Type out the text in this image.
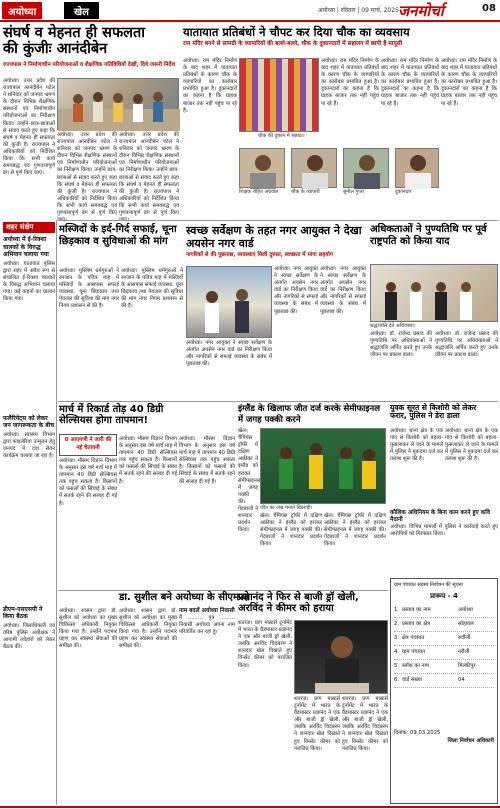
अयोध्या	खेल	अयोध्या | रविवार | 09 मार्च, 2025 जनमोर्चा	08
संघर्ष व मेहनत ही सफलता
की कुंजीः आनंदीबेन
राज्यपाल ने निर्माणाधीन परियोजनाओं व शैक्षणिक गतिविधियों देखीं, दिये जरूरी निर्देश
अयोध्या। उत्तर प्रदेश की राज्यपाल आनंदीबेन पटेल ने शनिवार को जनपद भ्रमण के दौरान विभिन्न शैक्षणिक संस्थानों एवं निर्माणाधीन परियोजनाओं का निरीक्षण किया। उन्होंने छात्र-छात्राओं से संवाद करते हुए कहा कि संघर्ष व मेहनत ही सफलता की कुंजी है। राज्यपाल ने अधिकारियों को निर्देशित किया कि सभी कार्य समयबद्ध एवं गुणवत्तापूर्ण ढंग से पूर्ण किए जाएं।
अयोध्या। उत्तर प्रदेश की राज्यपाल आनंदीबेन पटेल ने शनिवार को जनपद भ्रमण के दौरान विभिन्न शैक्षणिक संस्थानों एवं निर्माणाधीन परियोजनाओं का निरीक्षण किया। उन्होंने छात्र-छात्राओं से संवाद करते हुए कहा कि संघर्ष व मेहनत ही सफलता की कुंजी है। राज्यपाल ने अधिकारियों को निर्देशित किया कि सभी कार्य समयबद्ध एवं गुणवत्तापूर्ण ढंग से पूर्ण किए
अयोध्या। उत्तर प्रदेश की राज्यपाल आनंदीबेन पटेल ने शनिवार को जनपद भ्रमण के दौरान विभिन्न शैक्षणिक संस्थानों एवं निर्माणाधीन परियोजनाओं का निरीक्षण किया। उन्होंने छात्र-छात्राओं से संवाद करते हुए कहा कि संघर्ष व मेहनत ही सफलता की कुंजी है। राज्यपाल ने अधिकारियों को निर्देशित किया कि सभी कार्य समयबद्ध एवं गुणवत्तापूर्ण ढंग से पूर्ण किए
शहर संक्षेप
अयोध्या में ई-रिक्शा चालकों के विरुद्ध अभियान चलाया गया
अयोध्या। यातायात पुलिस द्वारा शहर में अवैध रूप से संचालित ई-रिक्शा चालकों के विरुद्ध अभियान चलाया गया। कई वाहनों का चालान किया गया।
फलैरियेट्स को लेकर जन जागरूकता के बीच
अयोध्या। स्वास्थ्य विभाग द्वारा फाइलेरिया उन्मूलन हेतु जनपद में दवा सेवन कार्यक्रम चलाया जा रहा है।
डीएम-एसएसपी ने किया बैठक
अयोध्या। जिलाधिकारी एवं वरिष्ठ पुलिस अधीक्षक ने आगामी त्योहारों को लेकर बैठक की।
यातायात प्रतिबंधों ने चौपट कर दिया चौक का व्यवसाय
राम मंदिर बनने से सामग्री के व्यापारियों की बल्ले-बल्ले, चौक के दुकानदारों में सहालग में छायी है मायूसी
अयोध्या। राम मंदिर निर्माण के बाद शहर में यातायात प्रतिबंधों के कारण चौक के व्यापारियों का कारोबार प्रभावित हुआ है। दुकानदारों का कहना है कि ग्राहक बाजार तक नहीं पहुंच पा रहे हैं।
चौक की दुकान में सन्नाटा।
अयोध्या। राम मंदिर निर्माण के बाद शहर में यातायात प्रतिबंधों के कारण चौक के व्यापारियों का कारोबार प्रभावित हुआ है। दुकानदारों का कहना है कि ग्राहक बाजार तक नहीं पहुंच पा रहे हैं।
अयोध्या। राम मंदिर निर्माण के बाद शहर में यातायात प्रतिबंधों के कारण चौक के व्यापारियों का कारोबार प्रभावित हुआ है। दुकानदारों का कहना है कि ग्राहक बाजार तक नहीं पहुंच पा रहे हैं।
शिक्षक रोहित अग्रवाल	चौक के व्यापारी	सुनील गुप्ता	दुकानदार
अयोध्या। राम मंदिर निर्माण के बाद शहर में यातायात प्रतिबंधों के कारण चौक के व्यापारियों का कारोबार प्रभावित हुआ है। दुकानदारों का कहना है कि ग्राहक बाजार तक नहीं पहुंच पा रहे हैं।
मस्जिदों के इर्द-गिर्द सफाई, चूना छिड़काव व सुविधाओं की मांग
अयोध्या। मुस्लिम धर्मगुरुओं ने रमजान के पवित्र माह में मस्जिदों के आसपास सफाई व्यवस्था, चूना छिड़काव तथा पेयजल की सुविधा की मांग नगर निगम प्रशासन से की है।
अयोध्या। मुस्लिम धर्मगुरुओं ने रमजान के पवित्र माह में मस्जिदों के आसपास सफाई व्यवस्था, चूना छिड़काव तथा पेयजल की सुविधा की मांग नगर निगम प्रशासन से की है।
स्वच्छ सर्वेक्षण के तहत नगर आयुक्त ने देखा अयसेन नगर वार्ड
नागरिकों से की पूछताछ, व्यवस्थाएं मिली दुरुस्त, स्वच्छता में मांगा सहयोग
अयोध्या। नगर आयुक्त ने स्वच्छ सर्वेक्षण के अंतर्गत अयसेन नगर वार्ड का निरीक्षण किया और नागरिकों से सफाई व्यवस्था के संबंध में पूछताछ की।
अयोध्या। नगर आयुक्त ने स्वच्छ सर्वेक्षण के अंतर्गत अयसेन नगर वार्ड का निरीक्षण किया और नागरिकों से सफाई व्यवस्था के संबंध में पूछताछ की।
अयोध्या। नगर आयुक्त ने स्वच्छ सर्वेक्षण के अंतर्गत अयसेन नगर वार्ड का निरीक्षण किया और नागरिकों से सफाई व्यवस्था के संबंध में पूछताछ की।
अधिकताओं ने पुण्यतिथि पर पूर्व राष्ट्रपति को किया याद
श्रद्धांजलि देते अधिवक्ता।
अयोध्या। डॉ. राजेन्द्र प्रसाद की पुण्यतिथि पर अधिवक्ताओं ने श्रद्धांजलि अर्पित करते हुए उनके जीवन पर प्रकाश डाला।
अयोध्या। डॉ. राजेन्द्र प्रसाद की पुण्यतिथि पर अधिवक्ताओं ने श्रद्धांजलि अर्पित करते हुए उनके जीवन पर प्रकाश डाला।
मार्च में रिकार्ड तोड़ 40 डिग्री
सेल्सियस होगा तापमान!
0 आएगणी ने जारी की
नई चेतावनी
अयोध्या। मौसम विज्ञान विभाग के अनुसार इस वर्ष मार्च माह में तापमान 40 डिग्री सेल्सियस तक पहुंच सकता है। किसानों को फसलों की सिंचाई के संबंध में सतर्क रहने की सलाह दी गई है।
अयोध्या। मौसम विज्ञान विभाग के अनुसार इस वर्ष मार्च माह में तापमान 40 डिग्री सेल्सियस तक पहुंच सकता है। किसानों को फसलों की सिंचाई के संबंध में सतर्क रहने की सलाह दी गई है।
अयोध्या। मौसम विज्ञान विभाग के अनुसार इस वर्ष मार्च माह में तापमान 40 डिग्री सेल्सियस तक पहुंच सकता है। किसानों को फसलों की सिंचाई के संबंध में सतर्क रहने की सलाह दी गई है।
इंग्लैंड के खिलाफ जीत दर्ज करके सेमीफाइनल में जगह पक्की करने
जीत का जश्न मनाते खिलाड़ी।
खेल। चैंपियंस ट्रॉफी में दक्षिण अफ्रीका ने इंग्लैंड को हराकर सेमीफाइनल में जगह पक्की की। गेंदबाजों ने शानदार प्रदर्शन किया।
खेल। चैंपियंस ट्रॉफी में दक्षिण अफ्रीका ने इंग्लैंड को हराकर सेमीफाइनल में जगह पक्की की। गेंदबाजों ने शानदार प्रदर्शन किया।
खेल। चैंपियंस ट्रॉफी में दक्षिण अफ्रीका ने इंग्लैंड को हराकर सेमीफाइनल में जगह पक्की की। गेंदबाजों ने शानदार प्रदर्शन किया।
युवक सूरत से किशोरी को लेकर
फरार, पुलिस ने डेरा डाला
अयोध्या। थाना क्षेत्र के एक गांव से किशोरी को बहला-फुसलाकर ले जाने के मामले में पुलिस ने मुकदमा दर्ज कर तलाश शुरू की है।
अयोध्या। थाना क्षेत्र के एक गांव से किशोरी को बहला-फुसलाकर ले जाने के मामले में पुलिस ने मुकदमा दर्ज कर तलाश शुरू की है।
कौशिक अधिनियम के बिना काम करने हुए कवि मैदानी
अयोध्या। विभिन्न मामलों में पुलिस ने कार्रवाई करते हुए आरोपियों को गिरफ्तार किया।
डा. सुशील बने अयोध्या के सीएमओ
अयोध्या। शासन द्वारा डॉ. सुशील को अयोध्या का मुख्य चिकित्सा अधिकारी नियुक्त किया गया है। उन्होंने पदभार ग्रहण कर स्वास्थ्य सेवाओं की समीक्षा की।
अयोध्या। शासन द्वारा डॉ. सुशील को अयोध्या का मुख्य चिकित्सा अधिकारी नियुक्त किया गया है। उन्होंने पदभार ग्रहण कर स्वास्थ्य सेवाओं की समीक्षा की।
नाम बदलें अयोध्या निवासी
मैं ......... पुत्र ......... निवासी अयोध्या अपना नाम परिवर्तित कर रहा हूं।
प्रज्ञानंद ने फिर से बाजी ड्रॉ खेली,
अरविंद ने कीमर को हराया
शतरंज। प्राग मास्टर्स टूर्नामेंट में भारत के ग्रैंडमास्टर प्रज्ञानंद ने एक और बाजी ड्रॉ खेली, जबकि अरविंद चिदंबरम ने शानदार खेल दिखाते हुए विन्सेंट कीमर को पराजित किया।
शतरंज। प्राग मास्टर्स टूर्नामेंट में भारत के ग्रैंडमास्टर प्रज्ञानंद ने एक और बाजी ड्रॉ खेली, जबकि अरविंद चिदंबरम ने शानदार खेल दिखाते हुए विन्सेंट कीमर को पराजित किया।
शतरंज। प्राग मास्टर्स टूर्नामेंट में भारत के ग्रैंडमास्टर प्रज्ञानंद ने एक और बाजी ड्रॉ खेली, जबकि अरविंद चिदंबरम ने शानदार खेल दिखाते हुए विन्सेंट कीमर को पराजित किया।
ग्राम पंचायत सदस्य निर्वाचन की सूचना
प्रारूप - 4
1. प्रस्ताव का नाम	अयोध्या
2. प्रस्ताव का क्षेत्र	सोहावल
3. क्षेत्र पंचायत	रुदौली
4. ग्राम पंचायत	नरौली
5. ब्लॉक का नाम	मिल्कीपुर
6. वार्ड संख्या	04
दिनांक: 09.03.2025
जिला निर्वाचन अधिकारी
